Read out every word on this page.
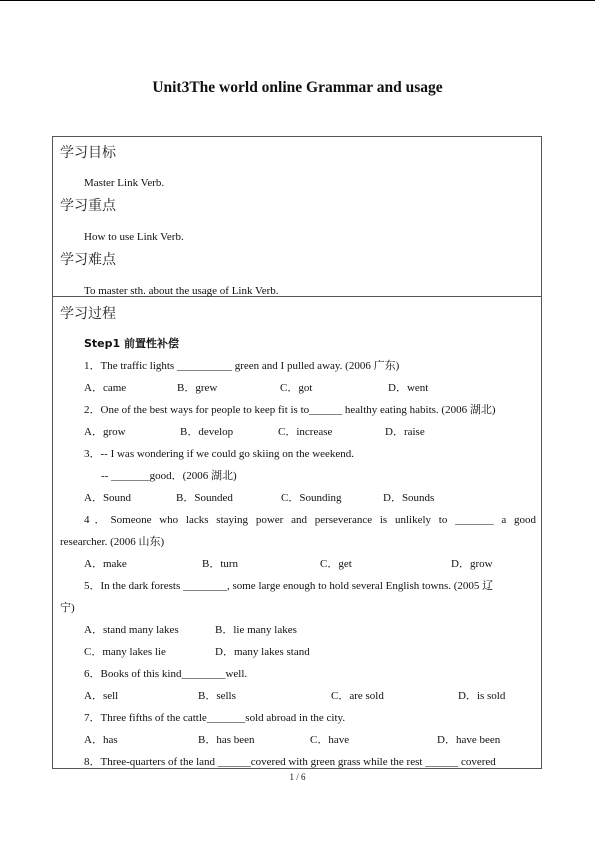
Unit3The world online Grammar and usage
学习目标
Master Link Verb.
学习重点
How to use Link Verb.
学习难点
To master sth. about the usage of Link Verb.
学习过程
Step1 前置性补偿
1．The traffic lights __________ green and I pulled away. (2006 广东)
A．came	B．grew	C．got	D．went
2．One of the best ways for people to keep fit is to______ healthy eating habits. (2006 湖北)
A．grow	B．develop	C．increase	D．raise
3．-- I was wondering if we could go skiing on the weekend.
-- _______good．(2006 湖北)
A．Sound	B．Sounded	C．Sounding	D．Sounds
4．Someone who lacks staying power and perseverance is unlikely to _______ a good
researcher. (2006 山东)
A．make	B．turn	C．get	D．grow
5．In the dark forests ________, some large enough to hold several English towns. (2005 辽
宁)
A．stand many lakes	B．lie many lakes
C．many lakes lie	D．many lakes stand
6．Books of this kind________well.
A．sell	B．sells	C．are sold	D．is sold
7．Three fifths of the cattle_______sold abroad in the city.
A．has	B．has been	C．have	D．have been
8．Three-quarters of the land ______covered with green grass while the rest ______ covered
1 / 6
